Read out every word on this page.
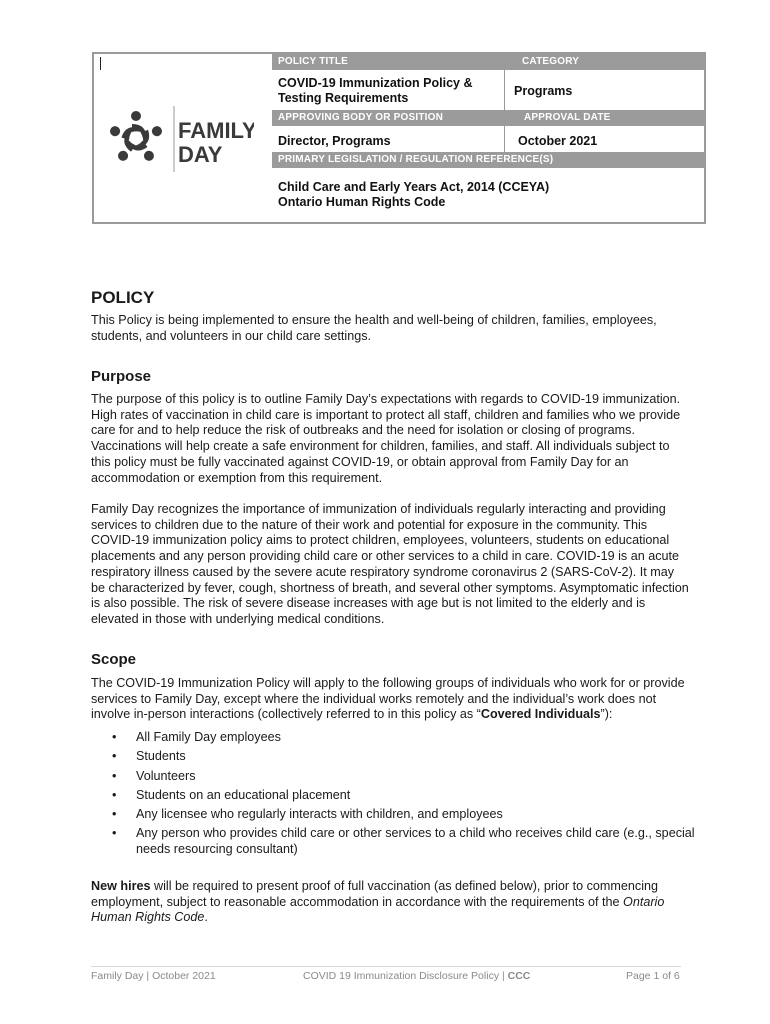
FAMILY
DAY
POLICY TITLE	CATEGORY
COVID-19 Immunization Policy &
Testing Requirements	Programs
APPROVING BODY OR POSITION	APPROVAL DATE
Director, Programs	October 2021
PRIMARY LEGISLATION / REGULATION REFERENCE(S)
Child Care and Early Years Act, 2014 (CCEYA)
Ontario Human Rights Code
POLICY

This Policy is being implemented to ensure the health and well-being of children, families, employees, students, and volunteers in our child care settings.

Purpose

The purpose of this policy is to outline Family Day’s expectations with regards to COVID-19 immunization. High rates of vaccination in child care is important to protect all staff, children and families who we provide care for and to help reduce the risk of outbreaks and the need for isolation or closing of programs. Vaccinations will help create a safe environment for children, families, and staff. All individuals subject to this policy must be fully vaccinated against COVID-19, or obtain approval from Family Day for an accommodation or exemption from this requirement.

Family Day recognizes the importance of immunization of individuals regularly interacting and providing services to children due to the nature of their work and potential for exposure in the community. This COVID-19 immunization policy aims to protect children, employees, volunteers, students on educational placements and any person providing child care or other services to a child in care. COVID-19 is an acute respiratory illness caused by the severe acute respiratory syndrome coronavirus 2 (SARS-CoV-2). It may be characterized by fever, cough, shortness of breath, and several other symptoms. Asymptomatic infection is also possible. The risk of severe disease increases with age but is not limited to the elderly and is elevated in those with underlying medical conditions.

Scope

The COVID-19 Immunization Policy will apply to the following groups of individuals who work for or provide services to Family Day, except where the individual works remotely and the individual’s work does not involve in-person interactions (collectively referred to in this policy as “Covered Individuals”):

• All Family Day employees
• Students
• Volunteers
• Students on an educational placement
• Any licensee who regularly interacts with children, and employees
• Any person who provides child care or other services to a child who receives child care (e.g., special needs resourcing consultant)

New hires will be required to present proof of full vaccination (as defined below), prior to commencing employment, subject to reasonable accommodation in accordance with the requirements of the Ontario Human Rights Code.

Family Day | October 2021	COVID 19 Immunization Disclosure Policy | CCC	Page 1 of 6
